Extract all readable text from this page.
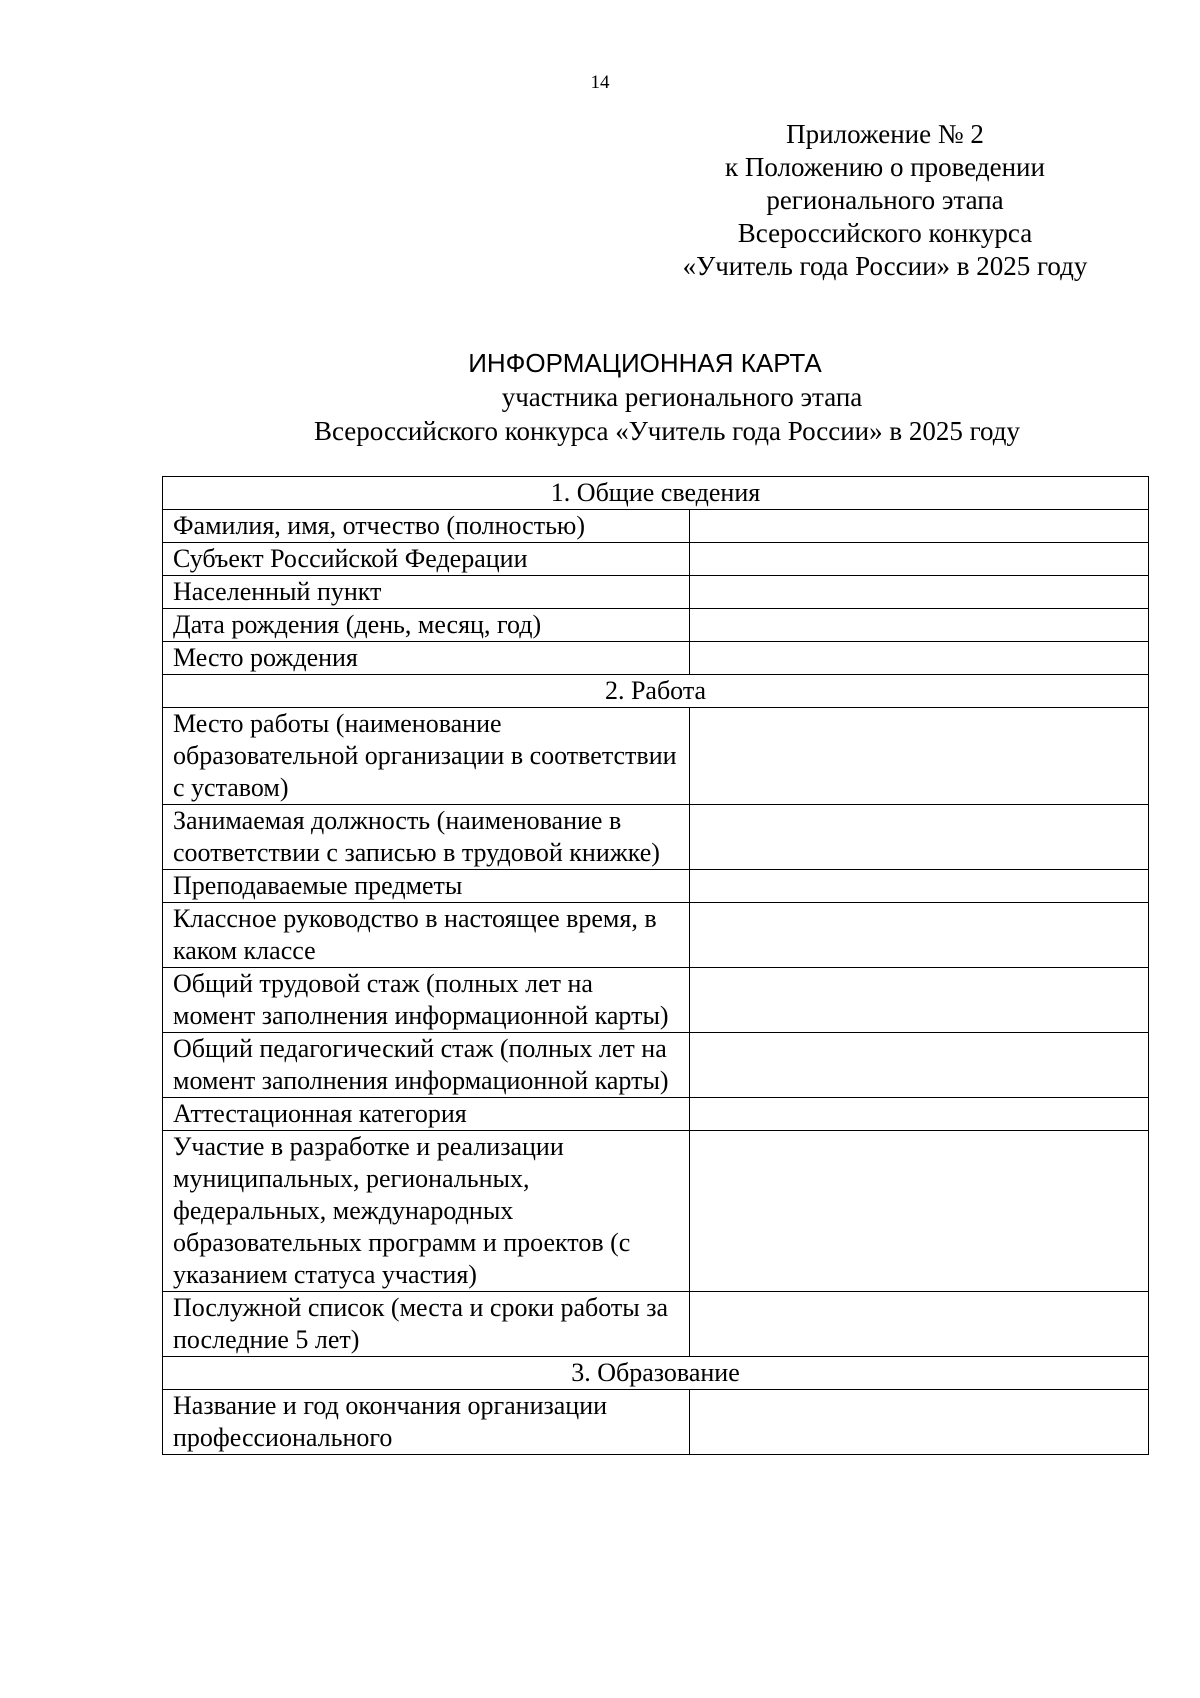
14
Приложение № 2
к Положению о проведении
регионального этапа
Всероссийского конкурса
«Учитель года России» в 2025 году
ИНФОРМАЦИОННАЯ КАРТА
участника регионального этапа
Всероссийского конкурса «Учитель года России» в 2025 году
1. Общие сведения	
Фамилия, имя, отчество (полностью)	
Субъект Российской Федерации	
Населенный пункт	
Дата рождения (день, месяц, год)	
Место рождения	
2. Работа	
Место работы (наименование образовательной организации в соответствии с уставом)	
Занимаемая должность (наименование в соответствии с записью в трудовой книжке)	
Преподаваемые предметы	
Классное руководство в настоящее время, в каком классе	
Общий трудовой стаж (полных лет на момент заполнения информационной карты)	
Общий педагогический стаж (полных лет на момент заполнения информационной карты)	
Аттестационная категория	
Участие в разработке и реализации муниципальных, региональных, федеральных, международных образовательных программ и проектов (с указанием статуса участия)	
Послужной список (места и сроки работы за последние 5 лет)	
3. Образование	
Название и год окончания организации профессионального	
